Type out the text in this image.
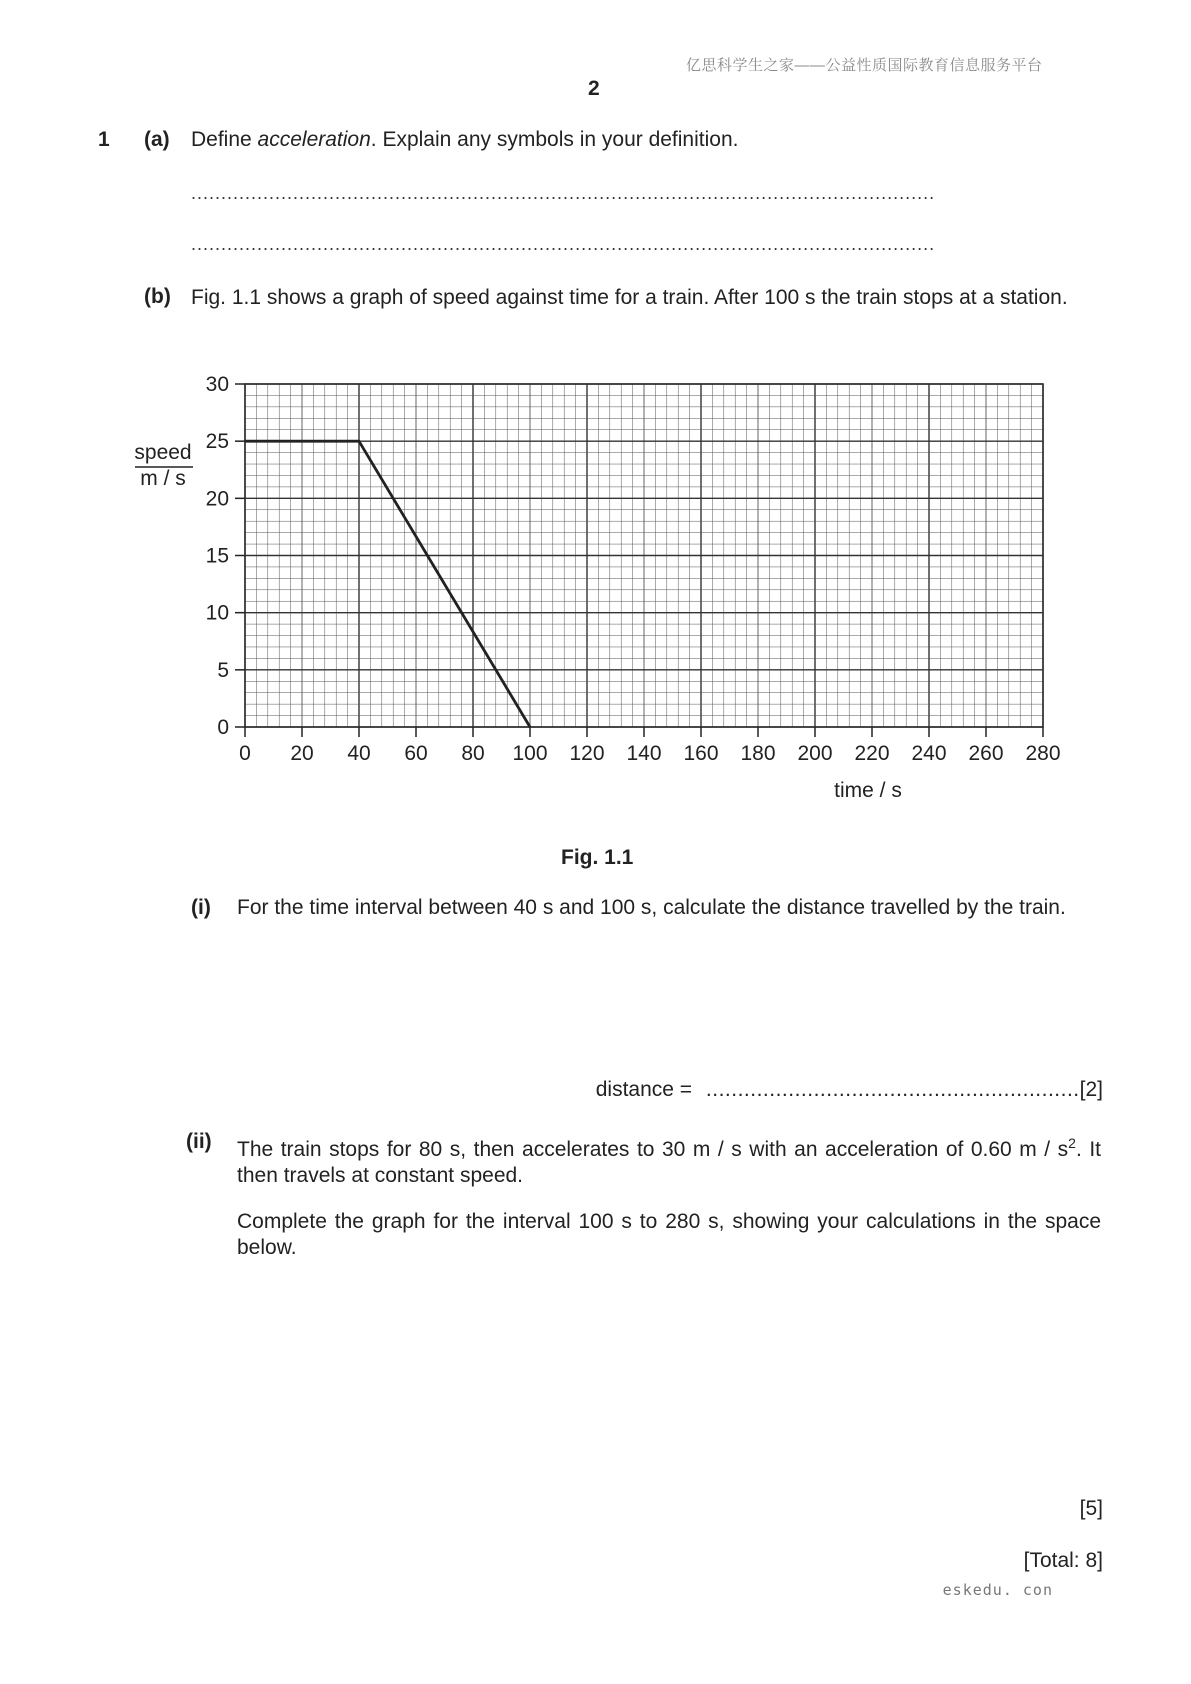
亿思科学生之家——公益性质国际教育信息服务平台
2
1 (a) Define acceleration. Explain any symbols in your definition.
............................................................................................................................
............................................................................................................................
(b) Fig. 1.1 shows a graph of speed against time for a train. After 100 s the train stops at a station.
0
5
10
15
20
25
30
0 20 40 60 80 100 120 140 160 180 200 220 240 260 280
speed
m / s
time / s
Fig. 1.1
(i) For the time interval between 40 s and 100 s, calculate the distance travelled by the train.
distance = ...........................................................[2]
(ii) The train stops for 80 s, then accelerates to 30 m / s with an acceleration of 0.60 m / $s^2$. It then travels at constant speed.
Complete the graph for the interval 100 s to 280 s, showing your calculations in the space below.
[5]
[Total: 8]
eskedu. con
